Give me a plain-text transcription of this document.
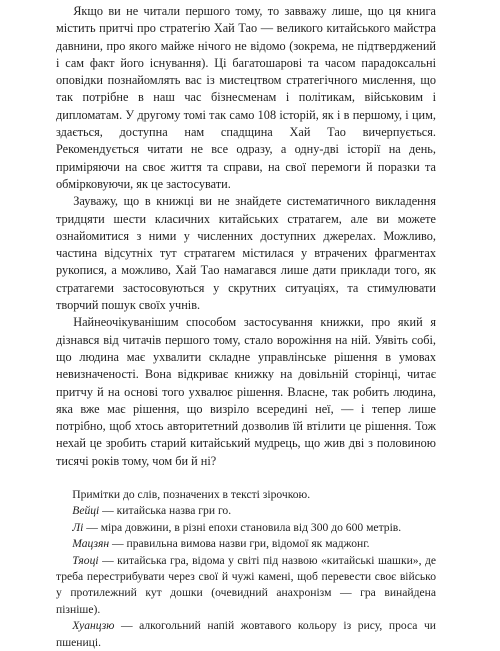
Якщо ви не читали першого тому, то завважу лише, що ця книга містить притчі про стратегію Хай Тао — великого китайського майстра давнини, про якого майже нічого не відомо (зокрема, не підтверджений і сам факт його існування). Ці багатошарові та часом парадоксальні оповідки познайомлять вас із мистецтвом стратегічного мислення, що так потрібне в наш час бізнесменам і політикам, військовим і дипломатам. У другому томі так само 108 історій, як і в першому, і цим, здається, доступна нам спадщина Хай Тао вичерпується. Рекомендується читати не все одразу, а одну-дві історії на день, приміряючи на своє життя та справи, на свої перемоги й поразки та обмірковуючи, як це застосувати.

Зауважу, що в книжці ви не знайдете систематичного викладення тридцяти шести класичних китайських стратагем, але ви можете ознайомитися з ними у численних доступних джерелах. Можливо, частина відсутніх тут стратагем містилася у втрачених фрагментах рукопися, а можливо, Хай Тао намагався лише дати приклади того, як стратагеми застосовуються у скрутних ситуаціях, та стимулювати творчий пошук своїх учнів.

Найнеочікуванішим способом застосування книжки, про який я дізнався від читачів першого тому, стало ворожіння на ній. Уявіть собі, що людина має ухвалити складне управлінське рішення в умовах невизначеності. Вона відкриває книжку на довільній сторінці, читає притчу й на основі того ухвалює рішення. Власне, так робить людина, яка вже має рішення, що визріло всередині неї, — і тепер лише потрібно, щоб хтось авторитетний дозволив їй втілити це рішення. Тож нехай це зробить старий китайський мудрець, що жив дві з половиною тисячі років тому, чом би й ні?

Примітки до слів, позначених в тексті зірочкою.

Вейці — китайська назва гри го.

Лі — міра довжини, в різні епохи становила від 300 до 600 метрів.

Мацзян — правильна вимова назви гри, відомої як маджонг.

Тяоці — китайська гра, відома у світі під назвою «китайські шашки», де треба перестрибувати через свої й чужі камені, щоб перевести своє військо у протилежний кут дошки (очевидний анахронізм — гра винайдена пізніше).

Хуанцзю — алкогольний напій жовтавого кольору із рису, проса чи пшениці.
